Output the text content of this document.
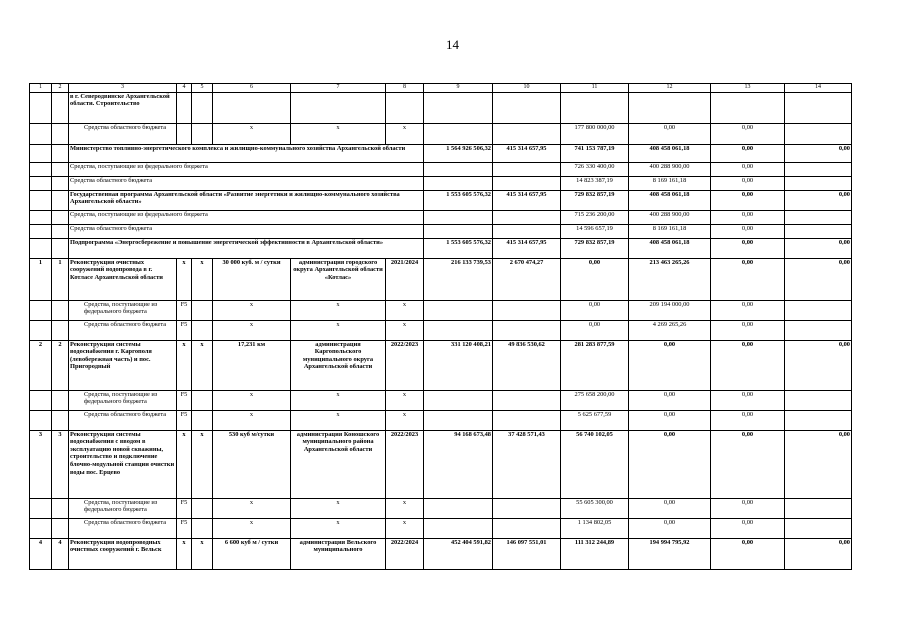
14
1	2	3	4	5	6	7	8	9	10	11	12	13	14
		в г. Северодвинске Архангельской области. Строительство											
		Средства областного бюджета			х	х	х			177 800 000,00	0,00	0,00	
		Министерство топливно-энергетического комплекса и жилищно-коммунального хозяйства Архангельской области						1 564 926 506,32	415 314 657,95	741 153 787,19	408 458 061,18	0,00	0,00
		Средства, поступающие из федерального бюджета								726 330 400,00	400 288 900,00	0,00	
		Средства областного бюджета								14 823 387,19	8 169 161,18	0,00	
		Государственная программа Архангельской области «Развитие энергетики и жилищно-коммунального хозяйства Архангельской области»						1 553 605 576,32	415 314 657,95	729 832 857,19	408 458 061,18	0,00	0,00
		Средства, поступающие из федерального бюджета								715 236 200,00	400 288 900,00	0,00	
		Средства областного бюджета								14 596 657,19	8 169 161,18	0,00	
		Подпрограмма «Энергосбережение и повышение энергетической эффективности в Архангельской области»						1 553 605 576,32	415 314 657,95	729 832 857,19	408 458 061,18	0,00	0,00
1	1	Реконструкция очистных сооружений водопровода в г. Котласе Архангельской области	х	х	30 000 куб. м / сутки	администрация городского округа Архангельской области «Котлас»	2021/2024	216 133 739,53	2 670 474,27	0,00	213 463 265,26	0,00	0,00
		Средства, поступающие из федерального бюджета	F5		х	х	х			0,00	209 194 000,00	0,00	
		Средства областного бюджета	F5		х	х	х			0,00	4 269 265,26	0,00	
2	2	Реконструкция системы водоснабжения г. Каргополя (левобережная часть) и пос. Пригородный	х	х	17,231 км	администрация Каргопольского муниципального округа Архангельской области	2022/2023	331 120 408,21	49 836 530,62	281 283 877,59	0,00	0,00	0,00
		Средства, поступающие из федерального бюджета	F5		х	х	х			275 658 200,00	0,00	0,00	
		Средства областного бюджета	F5		х	х	х			5 625 677,59	0,00	0,00	
3	3	Реконструкция системы водоснабжения с вводом в эксплуатацию новой скважины, строительство и подключение блочно-модульной станции очистки воды пос. Ерцево	х	х	530 куб м/сутки	администрация Коношского муниципального района Архангельской области	2022/2023	94 168 673,48	37 428 571,43	56 740 102,05	0,00	0,00	0,00
		Средства, поступающие из федерального бюджета	F5		х	х	х			55 605 300,00	0,00	0,00	
		Средства областного бюджета	F5		х	х	х			1 134 802,05	0,00	0,00	
4	4	Реконструкция водопроводных очистных сооружений г. Вельск	х	х	6 600 куб м / сутки	администрация Вельского муниципального	2022/2024	452 404 591,82	146 097 551,01	111 312 244,89	194 994 795,92	0,00	0,00
